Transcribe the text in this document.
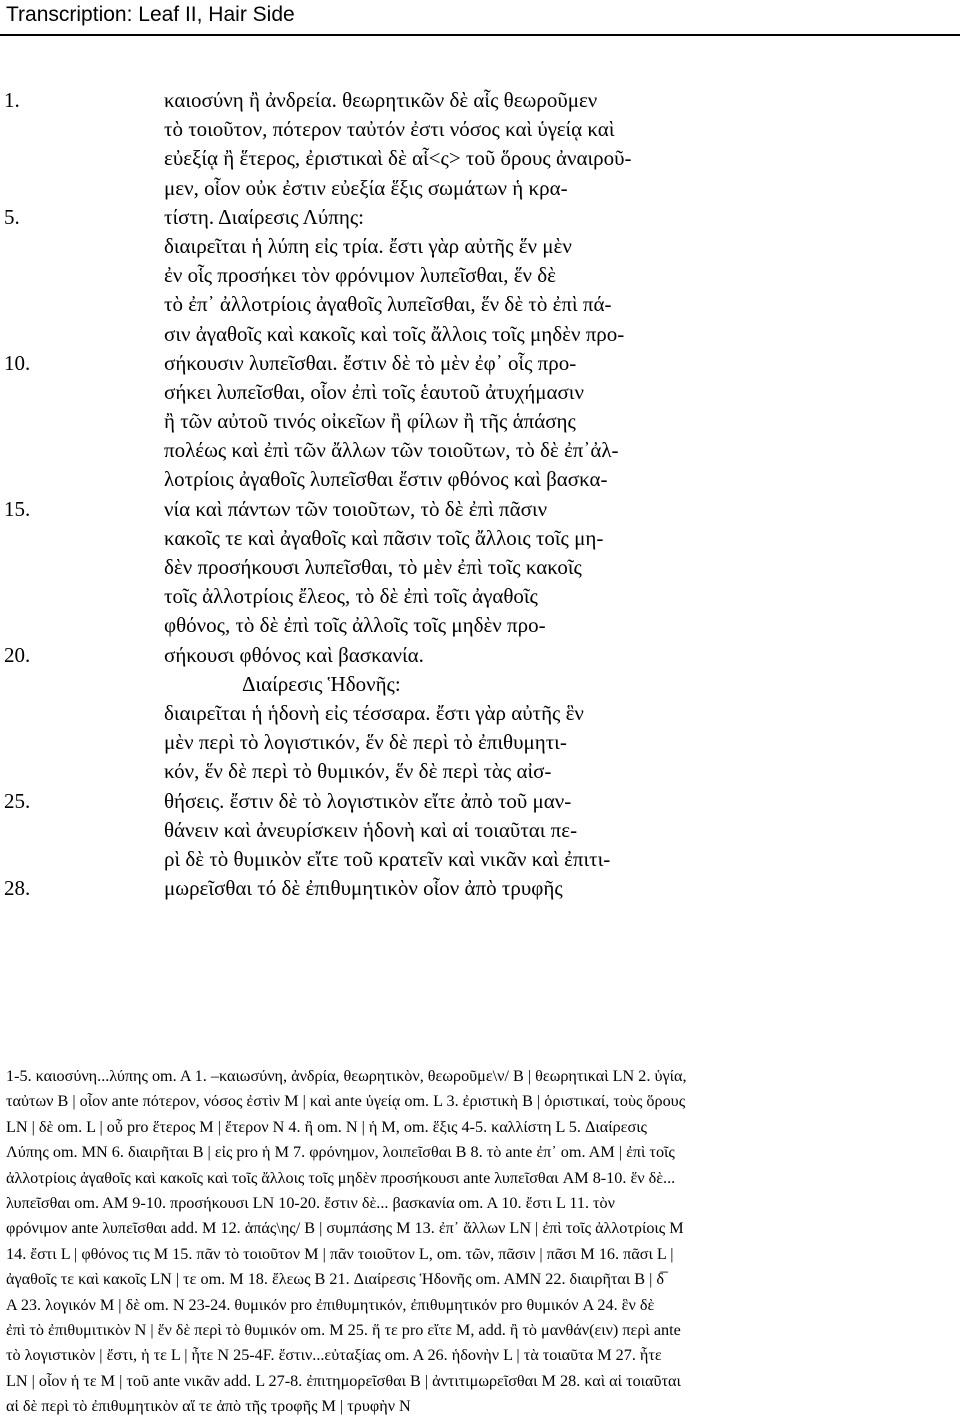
Transcription: Leaf II, Hair Side
1.	καιοσύνη ἢ ἀνδρεία. θεωρητικῶν δὲ αἷς θεωροῦμεν
τὸ τοιοῦτον, πότερον ταὐτόν ἐστι νόσος καὶ ὑγείᾳ καὶ
εὐεξίᾳ ἢ ἕτερος, ἐριστικαὶ δὲ αἷ<ς> τοῦ ὅρους ἀναιροῦ-
μεν, οἷον οὐκ ἐστιν εὐεξία ἕξις σωμάτων ἡ κρα-
5.	τίστη. Διαίρεσις Λύπης:
διαιρεῖται ἡ λύπη εἰς τρία. ἔστι γὰρ αὐτῆς ἕν μὲν
ἐν οἷς προσήκει τὸν φρόνιμον λυπεῖσθαι, ἕν δὲ
τὸ ἐπ᾽ ἀλλοτρίοις ἀγαθοῖς λυπεῖσθαι, ἕν δὲ τὸ ἐπὶ πά-
σιν ἀγαθοῖς καὶ κακοῖς καὶ τοῖς ἄλλοις τοῖς μηδὲν προ-
10.	σήκουσιν λυπεῖσθαι. ἔστιν δὲ τὸ μὲν ἐφ᾽ οἷς προ-
σήκει λυπεῖσθαι, οἷον ἐπὶ τοῖς ἑαυτοῦ ἀτυχήμασιν
ἢ τῶν αὐτοῦ τινός οἰκεῖων ἢ φίλων ἢ τῆς ἁπάσης
πολέως καὶ ἐπὶ τῶν ἄλλων τῶν τοιοῦτων, τὸ δὲ ἐπ᾽ἀλ-
λοτρίοις ἀγαθοῖς λυπεῖσθαι ἔστιν φθόνος καὶ βασκα-
15.	νία καὶ πάντων τῶν τοιοῦτων, τὸ δὲ ἐπὶ πᾶσιν
κακοῖς τε καὶ ἀγαθοῖς καὶ πᾶσιν τοῖς ἄλλοις τοῖς μη-
δὲν προσήκουσι λυπεῖσθαι, τὸ μὲν ἐπὶ τοῖς κακοῖς
τοῖς ἀλλοτρίοις ἔλεος, τὸ δὲ ἐπὶ τοῖς ἀγαθοῖς
φθόνος, τὸ δὲ ἐπὶ τοῖς ἀλλοῖς τοῖς μηδὲν προ-
20.	σήκουσι φθόνος καὶ βασκανία.
Διαίρεσις Ἡδονῆς:
διαιρεῖται ἡ ἡδονὴ εἰς τέσσαρα. ἔστι γὰρ αὐτῆς ἓν
μὲν περὶ τὸ λογιστικόν, ἕν δὲ περὶ τὸ ἐπιθυμητι-
κόν, ἕν δὲ περὶ τὸ θυμικόν, ἕν δὲ περὶ τὰς αἰσ-
25.	θήσεις. ἔστιν δὲ τὸ λογιστικὸν εἴτε ἀπὸ τοῦ μαν-
θάνειν καὶ ἀνευρίσκειν ἡδονὴ καὶ αἱ τοιαῦται πε-
ρὶ δὲ τὸ θυμικὸν εἴτε τοῦ κρατεῖν καὶ νικᾶν καὶ ἐπιτι-
28.	μωρεῖσθαι τό δὲ ἐπιθυμητικὸν οἷον ἀπὸ τρυφῆς
1-5. καιοσύνη...λύπης om. A 1. –καιωσύνη, ἀνδρία, θεωρητικὸν, θεωροῦμε\ν/ B | θεωρητικαὶ LN 2. ὑγία,
ταὐτων B | οἷον ante πότερον, νόσος ἐστὶν M | καὶ ante ὑγείᾳ om. L 3. ἐριστικὴ B | ὁριστικαί, τοὺς ὅρους
LN | δὲ om. L | οὗ pro ἕτερος M | ἕτερον N 4. ἢ om. N | ἡ M, om. ἕξις 4-5. καλλίστη L 5. Διαίρεσις
Λύπης om. MN 6. διαιρῆται B | εἰς pro ἡ M 7. φρόνημον, λοιπεῖσθαι B 8. τὸ ante ἐπ᾽ om. AM | ἐπὶ τοῖς
ἀλλοτρίοις ἀγαθοῖς καὶ κακοῖς καὶ τοῖς ἄλλοις τοῖς μηδὲν προσήκουσι ante λυπεῖσθαι AM 8-10. ἕν δὲ...
λυπεῖσθαι om. AM 9-10. προσήκουσι LN 10-20. ἔστιν δὲ... βασκανία om. A 10. ἔστι L 11. τὸν
φρόνιμον ante λυπεῖσθαι add. M 12. ἁπάς\ης/ B | συμπάσης M 13. ἐπ᾽ ἄλλων LN | ἐπὶ τοῖς ἀλλοτρίοις M
14. ἔστι L | φθόνος τις M 15. πᾶν τὸ τοιοῦτον M | πᾶν τοιοῦτον L, om. τῶν, πᾶσιν | πᾶσι M 16. πᾶσι L |
ἀγαθοῖς τε καὶ κακοῖς LN | τε om. M 18. ἔλεως B 21. Διαίρεσις Ἡδονῆς om. AMN 22. διαιρῆται B | δ̅
A 23. λογικόν M | δὲ om. N 23-24. θυμικόν pro ἐπιθυμητικόν, ἐπιθυμητικόν pro θυμικόν A 24. ἓν δὲ
ἐπὶ τὸ ἐπιθυμιτικὸν N | ἕν δὲ περὶ τὸ θυμικόν om. M 25. ἥ τε pro εἴτε M, add. ἢ τὸ μανθάν(ειν) περὶ ante
τὸ λογιστικὸν | ἔστι, ἡ τε L | ἦτε N 25-4F. ἔστιν...εὐταξίας om. A 26. ἡδονὴν L | τὰ τοιαῦτα M 27. ἦτε
LN | οἷον ἡ τε M | τοῦ ante νικᾶν add. L 27-8. ἐπιτημορεῖσθαι B | ἀντιτιμωρεῖσθαι M 28. καὶ αἱ τοιαῦται
αἱ δὲ περὶ τὸ ἐπιθυμητικὸν αἵ τε ἀπὸ τῆς τροφῆς M | τρυφὴν N
